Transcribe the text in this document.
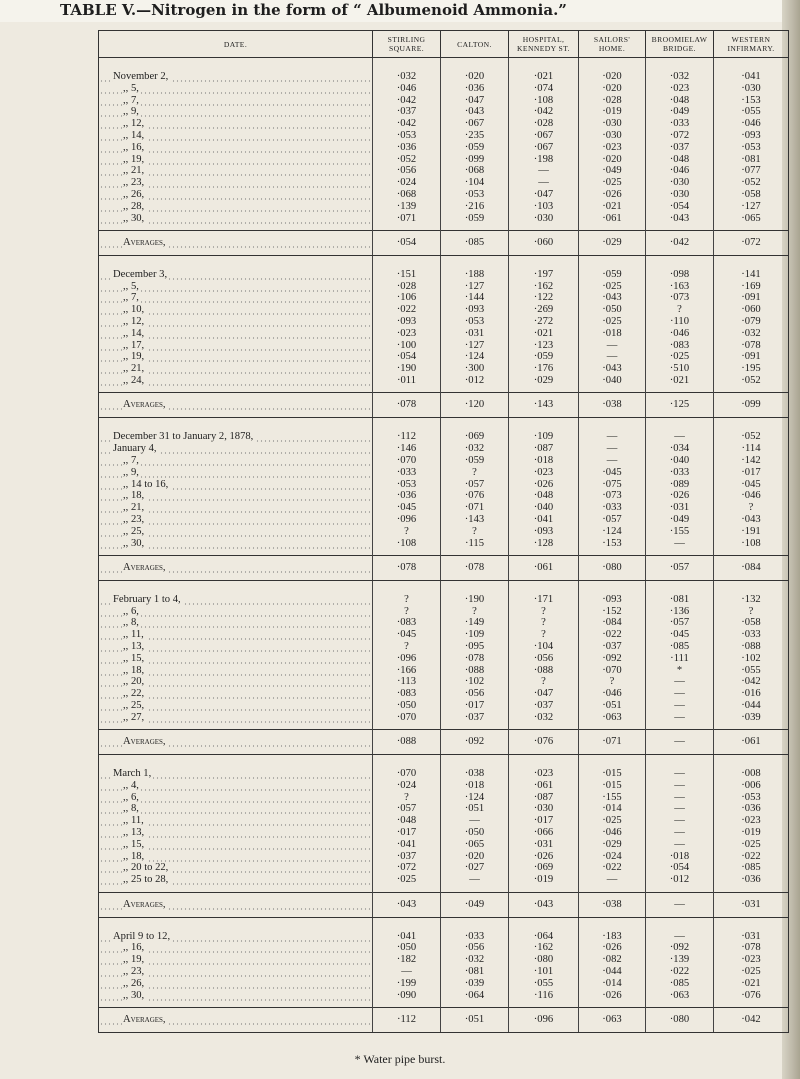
TABLE V.—Nitrogen in the form of “ Albumenoid Ammonia.”
DATE.	STIRLING SQUARE.	CALTON.	HOSPITAL, KENNEDY ST.	SAILORS' HOME.	BROOMIELAW BRIDGE.	WESTERN INFIRMARY.

November 2,	·032	·020	·021	·020	·032	·041
,, 5,	·046	·036	·074	·020	·023	·030
,, 7,	·042	·047	·108	·028	·048	·153
,, 9,	·037	·043	·042	·019	·049	·055
,, 12,	·042	·067	·028	·030	·033	·046
,, 14,	·053	·235	·067	·030	·072	·093
,, 16,	·036	·059	·067	·023	·037	·053
,, 19,	·052	·099	·198	·020	·048	·081
,, 21,	·056	·068	—	·049	·046	·077
,, 23,	·024	·104	—	·025	·030	·052
,, 26,	·068	·053	·047	·026	·030	·058
,, 28,	·139	·216	·103	·021	·054	·127
,, 30,	·071	·059	·030	·061	·043	·065

Averages,	·054	·085	·060	·029	·042	·072

December 3,	·151	·188	·197	·059	·098	·141
,, 5,	·028	·127	·162	·025	·163	·169
,, 7,	·106	·144	·122	·043	·073	·091
,, 10,	·022	·093	·269	·050	?	·060
,, 12,	·093	·053	·272	·025	·110	·079
,, 14,	·023	·031	·021	·018	·046	·032
,, 17,	·100	·127	·123	—	·083	·078
,, 19,	·054	·124	·059	—	·025	·091
,, 21,	·190	·300	·176	·043	·510	·195
,, 24,	·011	·012	·029	·040	·021	·052

Averages,	·078	·120	·143	·038	·125	·099

December 31 to January 2, 1878,	·112	·069	·109	—	—	·052
January 4,	·146	·032	·087	—	·034	·114
,, 7,	·070	·059	·018	—	·040	·142
,, 9,	·033	?	·023	·045	·033	·017
,, 14 to 16,	·053	·057	·026	·075	·089	·045
,, 18,	·036	·076	·048	·073	·026	·046
,, 21,	·045	·071	·040	·033	·031	?
,, 23,	·096	·143	·041	·057	·049	·043
,, 25,	?	?	·093	·124	·155	·191
,, 30,	·108	·115	·128	·153	—	·108

Averages,	·078	·078	·061	·080	·057	·084

February 1 to 4,	?	·190	·171	·093	·081	·132
,, 6,	?	?	?	·152	·136	?
,, 8,	·083	·149	?	·084	·057	·058
,, 11,	·045	·109	?	·022	·045	·033
,, 13,	?	·095	·104	·037	·085	·088
,, 15,	·096	·078	·056	·092	·111	·102
,, 18,	·166	·088	·088	·070	*	·055
,, 20,	·113	·102	?	?	—	·042
,, 22,	·083	·056	·047	·046	—	·016
,, 25,	·050	·017	·037	·051	—	·044
,, 27,	·070	·037	·032	·063	—	·039

Averages,	·088	·092	·076	·071	—	·061

March 1,	·070	·038	·023	·015	—	·008
,, 4,	·024	·018	·061	·015	—	·006
,, 6,	?	·124	·087	·155	—	·053
,, 8,	·057	·051	·030	·014	—	·036
,, 11,	·048	—	·017	·025	—	·023
,, 13,	·017	·050	·066	·046	—	·019
,, 15,	·041	·065	·031	·029	—	·025
,, 18,	·037	·020	·026	·024	·018	·022
,, 20 to 22,	·072	·027	·069	·022	·054	·085
,, 25 to 28,	·025	—	·019	—	·012	·036

Averages,	·043	·049	·043	·038	—	·031

April 9 to 12,	·041	·033	·064	·183	—	·031
,, 16,	·050	·056	·162	·026	·092	·078
,, 19,	·182	·032	·080	·082	·139	·023
,, 23,	—	·081	·101	·044	·022	·025
,, 26,	·199	·039	·055	·014	·085	·021
,, 30,	·090	·064	·116	·026	·063	·076

Averages,	·112	·051	·096	·063	·080	·042
* Water pipe burst.
